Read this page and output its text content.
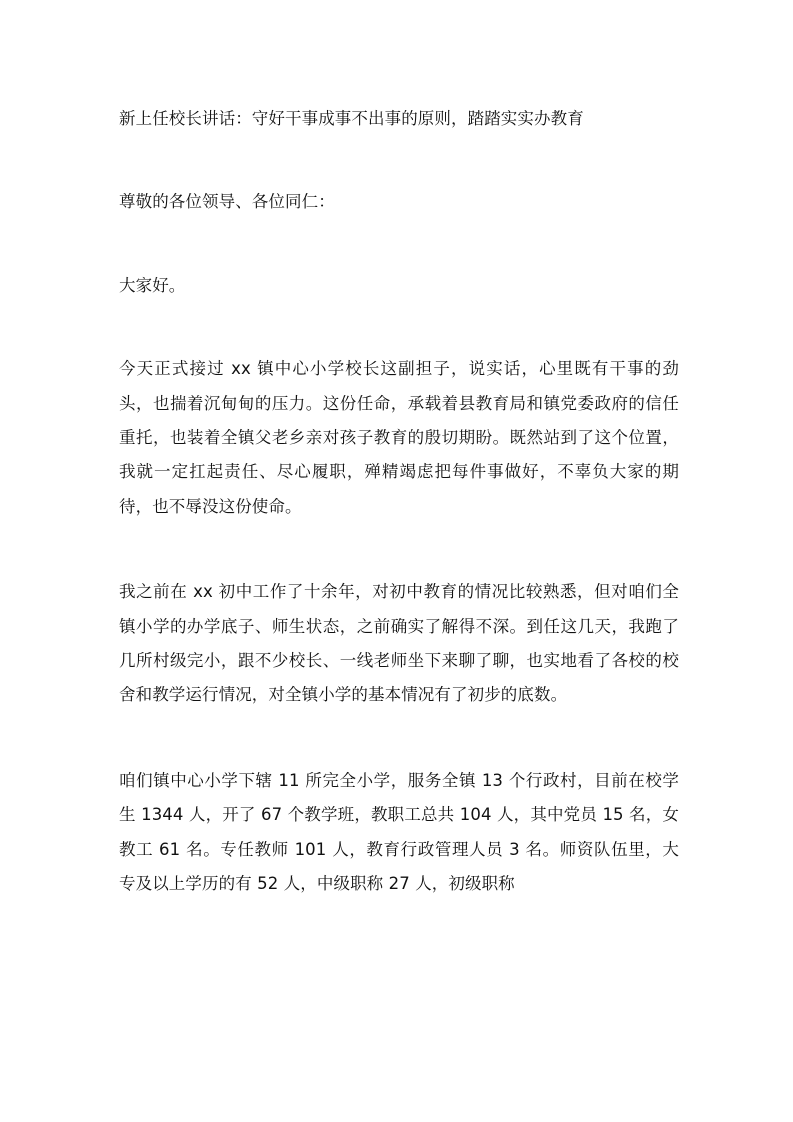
新上任校长讲话：守好干事成事不出事的原则，踏踏实实办教育

尊敬的各位领导、各位同仁：

大家好。

今天正式接过 xx 镇中心小学校长这副担子，说实话，心里既有干事的劲头，也揣着沉甸甸的压力。这份任命，承载着县教育局和镇党委政府的信任重托，也装着全镇父老乡亲对孩子教育的殷切期盼。既然站到了这个位置，我就一定扛起责任、尽心履职，殚精竭虑把每件事做好，不辜负大家的期待，也不辱没这份使命。

我之前在 xx 初中工作了十余年，对初中教育的情况比较熟悉，但对咱们全镇小学的办学底子、师生状态，之前确实了解得不深。到任这几天，我跑了几所村级完小，跟不少校长、一线老师坐下来聊了聊，也实地看了各校的校舍和教学运行情况，对全镇小学的基本情况有了初步的底数。

咱们镇中心小学下辖 11 所完全小学，服务全镇 13 个行政村，目前在校学生 1344 人，开了 67 个教学班，教职工总共 104 人，其中党员 15 名，女教工 61 名。专任教师 101 人，教育行政管理人员 3 名。师资队伍里，大专及以上学历的有 52 人，中级职称 27 人，初级职称
